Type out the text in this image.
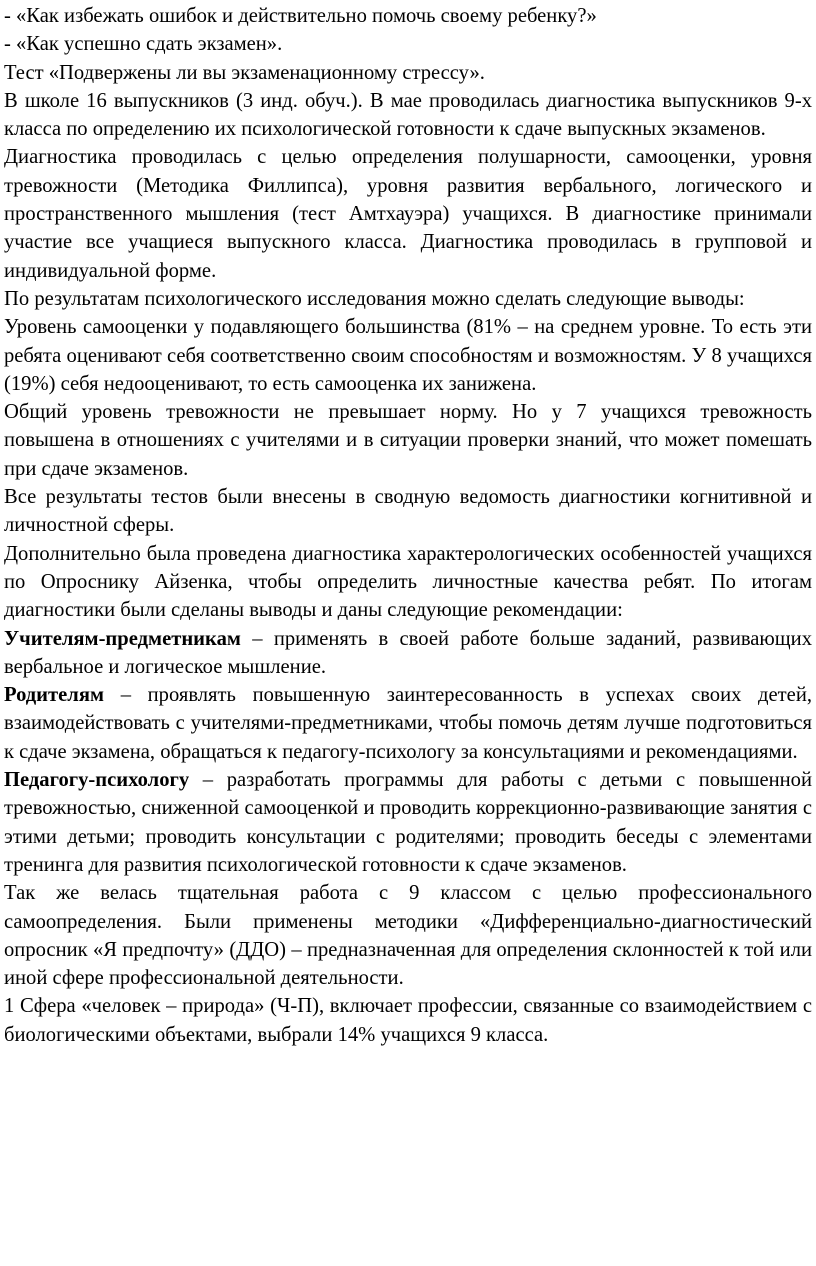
- «Как избежать ошибок и действительно помочь своему ребенку?»

- «Как успешно сдать экзамен».

Тест «Подвержены ли вы экзаменационному стрессу».

В школе 16 выпускников (3 инд. обуч.). В мае проводилась диагностика выпускников 9-х класса по определению их психологической готовности к сдаче выпускных экзаменов.

Диагностика проводилась с целью определения полушарности, самооценки, уровня тревожности (Методика Филлипса), уровня развития вербального, логического и пространственного мышления (тест Амтхауэра) учащихся. В диагностике принимали участие все учащиеся выпускного класса. Диагностика проводилась в групповой и индивидуальной форме.

По результатам психологического исследования можно сделать следующие выводы:

Уровень самооценки у подавляющего большинства (81% – на среднем уровне. То есть эти ребята оценивают себя соответственно своим способностям и возможностям. У 8 учащихся (19%) себя недооценивают, то есть самооценка их занижена.

Общий уровень тревожности не превышает норму. Но у 7 учащихся тревожность повышена в отношениях с учителями и в ситуации проверки знаний, что может помешать при сдаче экзаменов.

Все результаты тестов были внесены в сводную ведомость диагностики когнитивной и личностной сферы.

Дополнительно была проведена диагностика характерологических особенностей учащихся по Опроснику Айзенка, чтобы определить личностные качества ребят. По итогам диагностики были сделаны выводы и даны следующие рекомендации:

Учителям-предметникам – применять в своей работе больше заданий, развивающих вербальное и логическое мышление.

Родителям – проявлять повышенную заинтересованность в успехах своих детей, взаимодействовать с учителями-предметниками, чтобы помочь детям лучше подготовиться к сдаче экзамена, обращаться к педагогу-психологу за консультациями и рекомендациями.

Педагогу-психологу – разработать программы для работы с детьми с повышенной тревожностью, сниженной самооценкой и проводить коррекционно-развивающие занятия с этими детьми; проводить консультации с родителями; проводить беседы с элементами тренинга для развития психологической готовности к сдаче экзаменов.

Так же велась тщательная работа с 9 классом с целью профессионального самоопределения. Были применены методики «Дифференциально-диагностический опросник «Я предпочту» (ДДО) – предназначенная для определения склонностей к той или иной сфере профессиональной деятельности.

1 Сфера «человек – природа» (Ч-П), включает профессии, связанные со взаимодействием с биологическими объектами, выбрали 14% учащихся 9 класса.
